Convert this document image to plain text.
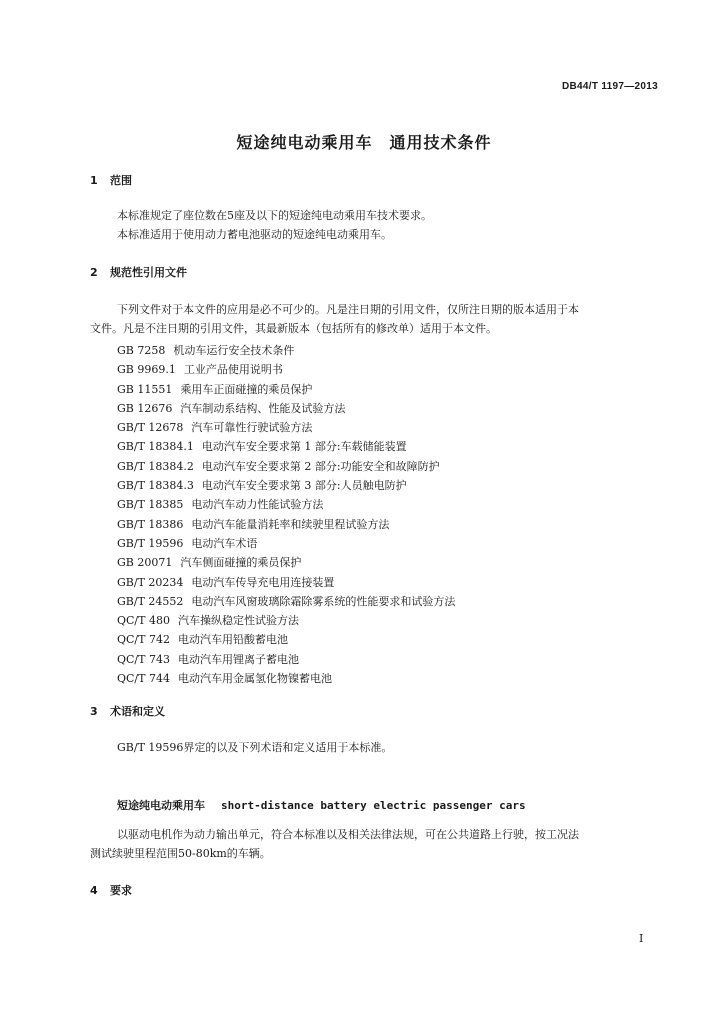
DB44/T 1197—2013
短途纯电动乘用车　通用技术条件
1 范围
本标准规定了座位数在5座及以下的短途纯电动乘用车技术要求。
本标准适用于使用动力蓄电池驱动的短途纯电动乘用车。
2 规范性引用文件
下列文件对于本文件的应用是必不可少的。凡是注日期的引用文件，仅所注日期的版本适用于本
文件。凡是不注日期的引用文件，其最新版本（包括所有的修改单）适用于本文件。
GB 7258 机动车运行安全技术条件
GB 9969.1 工业产品使用说明书
GB 11551 乘用车正面碰撞的乘员保护
GB 12676 汽车制动系结构、性能及试验方法
GB/T 12678 汽车可靠性行驶试验方法
GB/T 18384.1 电动汽车安全要求第 1 部分:车载储能装置
GB/T 18384.2 电动汽车安全要求第 2 部分:功能安全和故障防护
GB/T 18384.3 电动汽车安全要求第 3 部分:人员触电防护
GB/T 18385 电动汽车动力性能试验方法
GB/T 18386 电动汽车能量消耗率和续驶里程试验方法
GB/T 19596 电动汽车术语
GB 20071 汽车侧面碰撞的乘员保护
GB/T 20234 电动汽车传导充电用连接装置
GB/T 24552 电动汽车风窗玻璃除霜除雾系统的性能要求和试验方法
QC/T 480 汽车操纵稳定性试验方法
QC/T 742 电动汽车用铅酸蓄电池
QC/T 743 电动汽车用锂离子蓄电池
QC/T 744 电动汽车用金属氢化物镍蓄电池
3 术语和定义
GB/T 19596界定的以及下列术语和定义适用于本标准。
短途纯电动乘用车 short-distance battery electric passenger cars
以驱动电机作为动力输出单元，符合本标准以及相关法律法规，可在公共道路上行驶，按工况法
测试续驶里程范围50-80km的车辆。
4 要求
I
